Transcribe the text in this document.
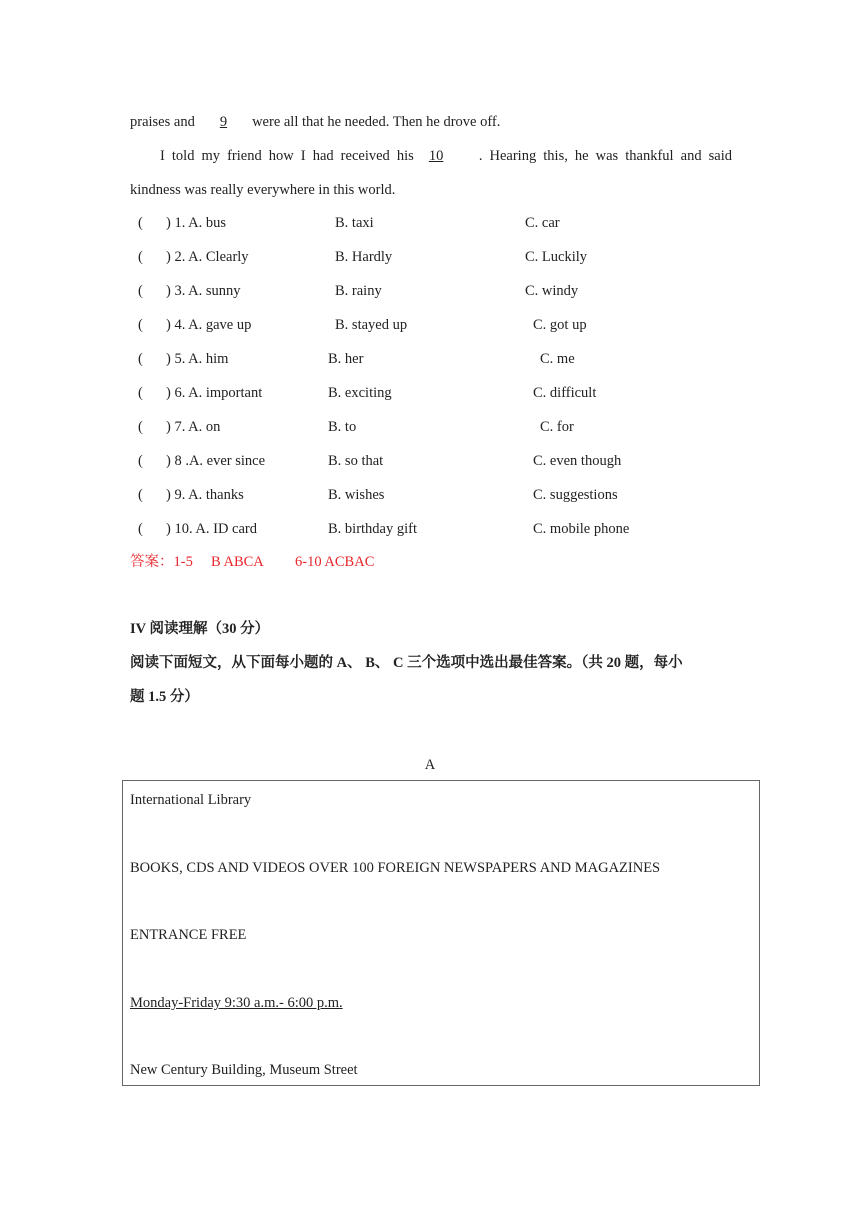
praises and 9 were all that he needed. Then he drove off.
I told my friend how I had received his 10 . Hearing this, he was thankful and said
kindness was really everywhere in this world.
( ) 1. A. bus	B. taxi	C. car
( ) 2. A. Clearly	B. Hardly	C. Luckily
( ) 3. A. sunny	B. rainy	C. windy
( ) 4. A. gave up	B. stayed up	C. got up
( ) 5. A. him	B. her	C. me
( ) 6. A. important	B. exciting	C. difficult
( ) 7. A. on	B. to	C. for
( ) 8 .A. ever since	B. so that	C. even though
( ) 9. A. thanks	B. wishes	C. suggestions
( ) 10. A. ID card	B. birthday gift	C. mobile phone
答案：1-5 B ABCA 6-10 ACBAC
IV 阅读理解（30 分）
阅读下面短文，从下面每小题的 A、 B、 C 三个选项中选出最佳答案。（共 20 题，每小
题 1.5 分）
A
International Library
BOOKS, CDS AND VIDEOS OVER 100 FOREIGN NEWSPAPERS AND MAGAZINES
ENTRANCE FREE
Monday-Friday 9:30 a.m.- 6:00 p.m.
New Century Building, Museum Street
